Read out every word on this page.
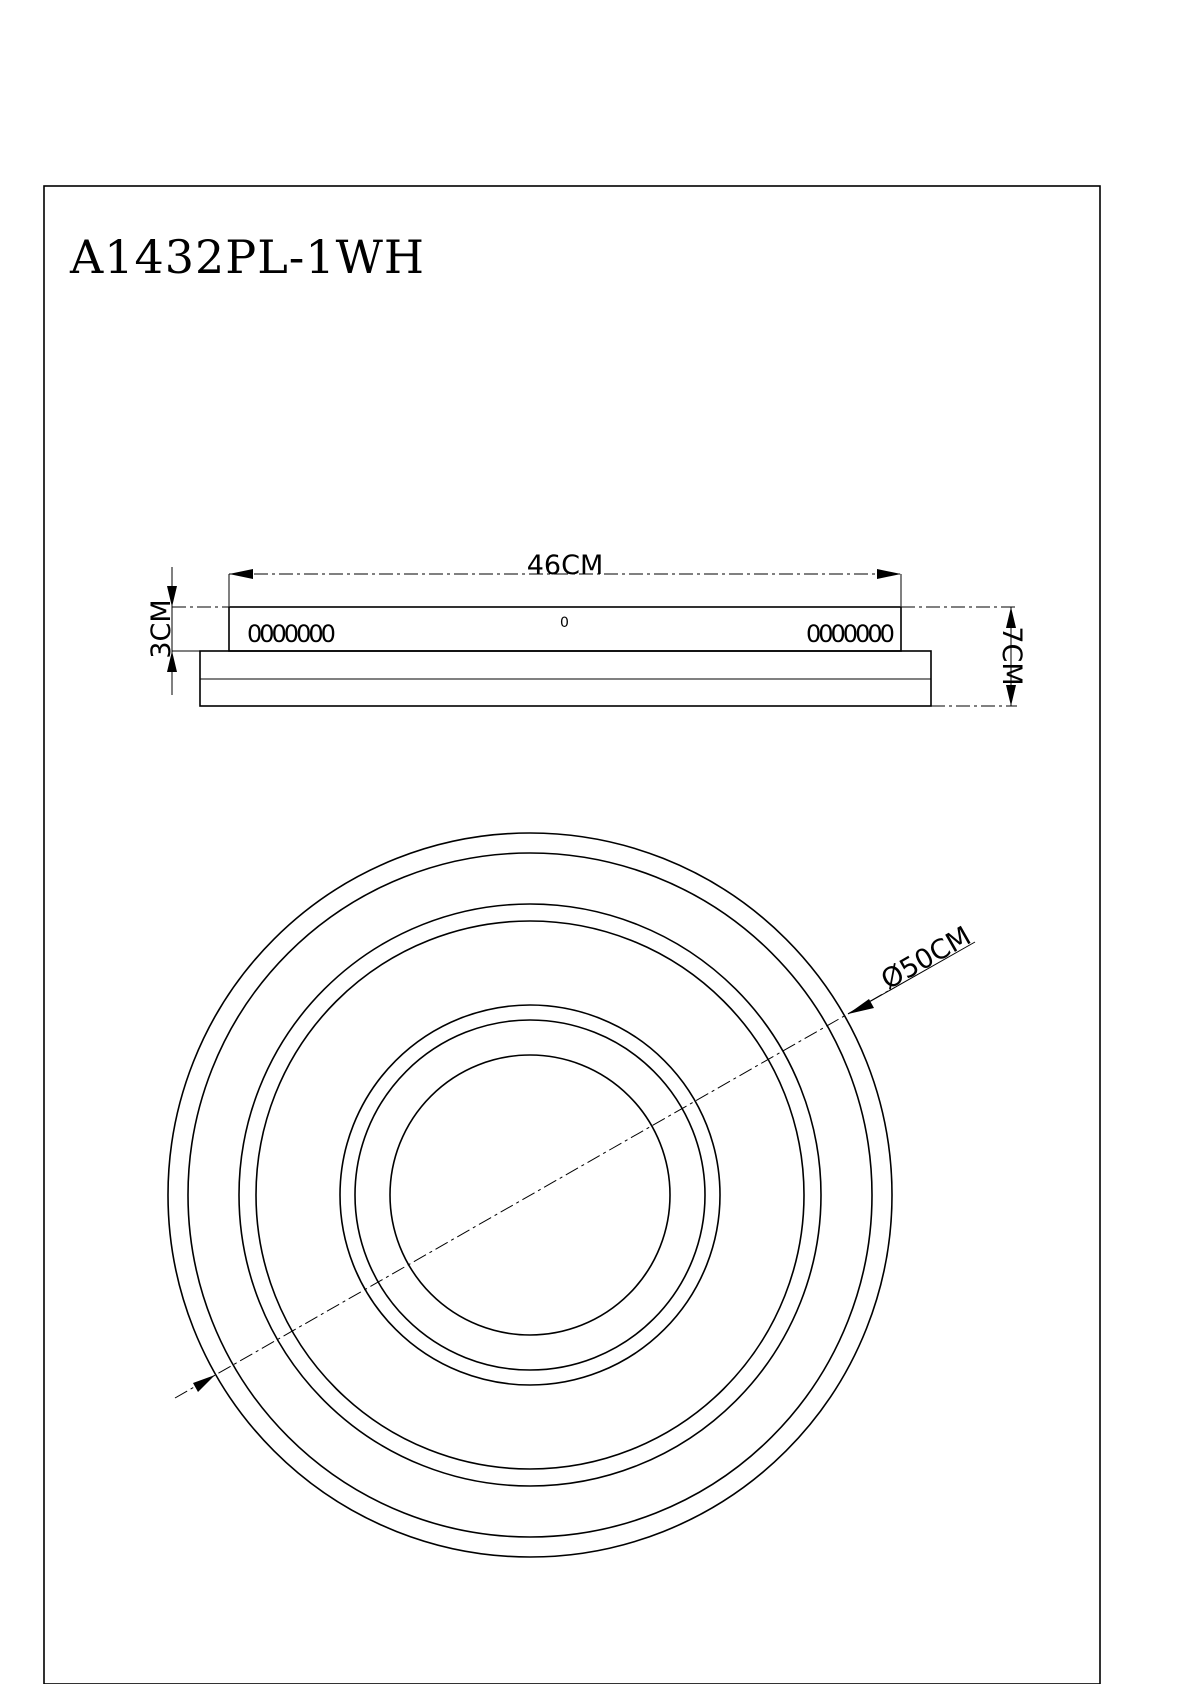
A1432PL-1WH
0000000	0000000
0
46CM
3CM	7CM
Ø50CM
